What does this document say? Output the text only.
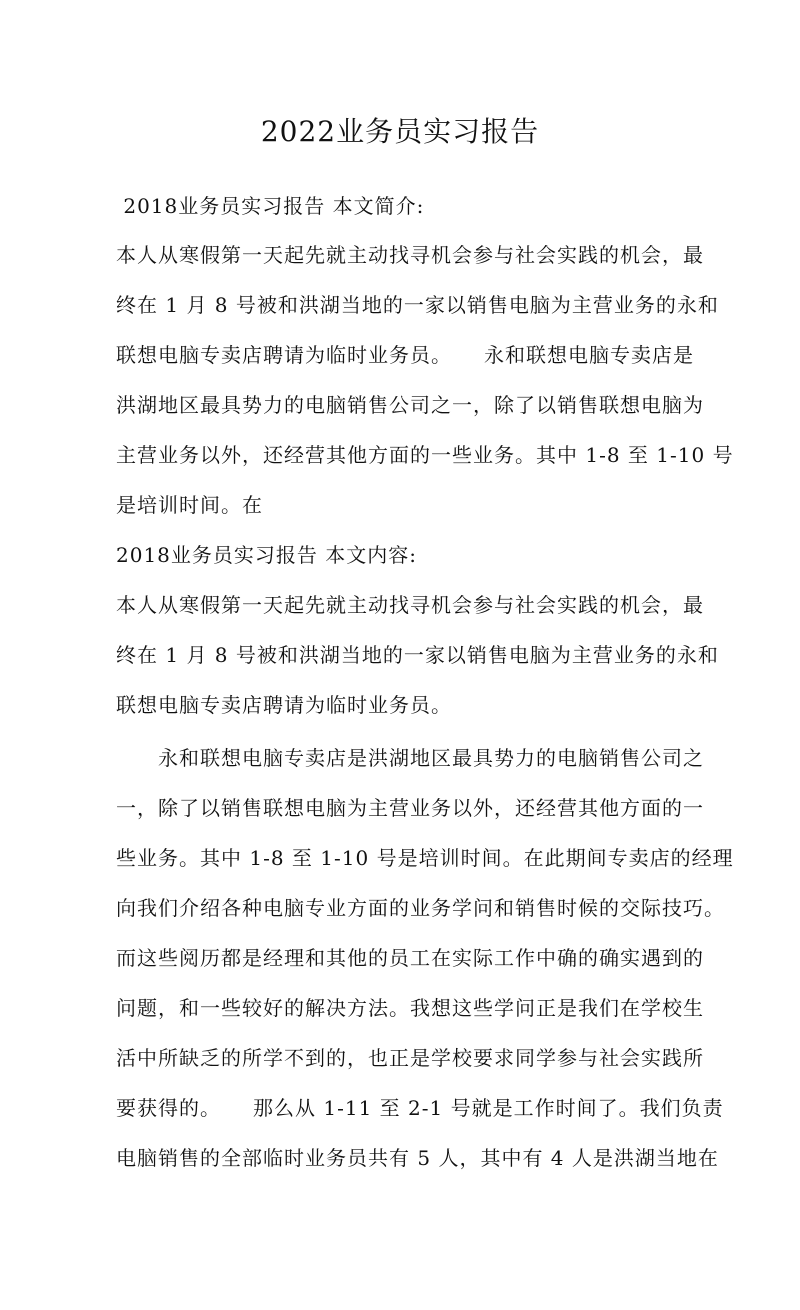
2022业务员实习报告
2018业务员实习报告 本文简介:
本人从寒假第一天起先就主动找寻机会参与社会实践的机会，最
终在 1 月 8 号被和洪湖当地的一家以销售电脑为主营业务的永和
联想电脑专卖店聘请为临时业务员。　　永和联想电脑专卖店是
洪湖地区最具势力的电脑销售公司之一，除了以销售联想电脑为
主营业务以外，还经营其他方面的一些业务。其中 1-8 至 1-10 号
是培训时间。在
2018业务员实习报告 本文内容:
本人从寒假第一天起先就主动找寻机会参与社会实践的机会，最
终在 1 月 8 号被和洪湖当地的一家以销售电脑为主营业务的永和
联想电脑专卖店聘请为临时业务员。
　　永和联想电脑专卖店是洪湖地区最具势力的电脑销售公司之
一，除了以销售联想电脑为主营业务以外，还经营其他方面的一
些业务。其中 1-8 至 1-10 号是培训时间。在此期间专卖店的经理
向我们介绍各种电脑专业方面的业务学问和销售时候的交际技巧。
而这些阅历都是经理和其他的员工在实际工作中确的确实遇到的
问题，和一些较好的解决方法。我想这些学问正是我们在学校生
活中所缺乏的所学不到的，也正是学校要求同学参与社会实践所
要获得的。　　那么从 1-11 至 2-1 号就是工作时间了。我们负责
电脑销售的全部临时业务员共有 5 人，其中有 4 人是洪湖当地在
